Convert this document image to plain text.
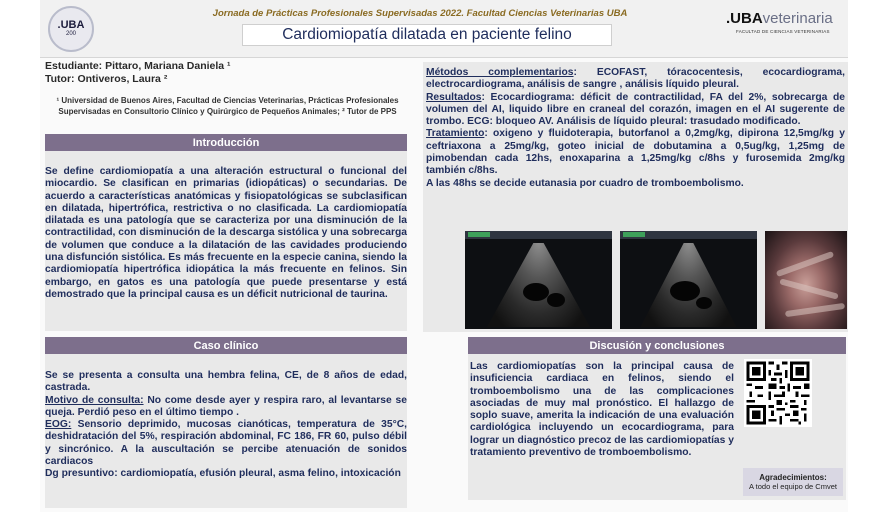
.UBA
200
Jornada de Prácticas Profesionales Supervisadas 2022. Facultad Ciencias Veterinarias UBA
Cardiomiopatía dilatada en paciente felino
.UBAveterinaria
FACULTAD DE CIENCIAS VETERINARIAS
Estudiante: Pittaro, Mariana Daniela ¹
Tutor: Ontiveros, Laura ²
¹ Universidad de Buenos Aires, Facultad de Ciencias Veterinarias, Prácticas Profesionales Supervisadas en Consultorio Clínico y Quirúrgico de Pequeños Animales; ² Tutor de PPS
Introducción
Se define cardiomiopatía a una alteración estructural o funcional del miocardio. Se clasifican en primarias (idiopáticas) o secundarias. De acuerdo a características anatómicas y fisiopatológicas se subclasifican en dilatada, hipertrófica, restrictiva o no clasificada. La cardiomiopatía dilatada es una patología que se caracteriza por una disminución de la contractilidad, con disminución de la descarga sistólica y una sobrecarga de volumen que conduce a la dilatación de las cavidades produciendo una disfunción sistólica. Es más frecuente en la especie canina, siendo la cardiomiopatía hipertrófica idiopática la más frecuente en felinos. Sin embargo, en gatos es una patología que puede presentarse y está demostrado que la principal causa es un déficit nutricional de taurina.
Caso clínico
Se se presenta a consulta una hembra felina, CE, de 8 años de edad, castrada.
Motivo de consulta: No come desde ayer y respira raro, al levantarse se queja. Perdió peso en el último tiempo .
EOG: Sensorio deprimido, mucosas cianóticas, temperatura de 35°C, deshidratación del 5%, respiración abdominal, FC 186, FR 60, pulso débil y sincrónico. A la auscultación se percibe atenuación de sonidos cardiacos
Dg presuntivo: cardiomiopatía, efusión pleural, asma felino, intoxicación
Métodos complementarios: ECOFAST, tóracocentesis, ecocardiograma, electrocardiograma, análisis de sangre , análisis líquido pleural.
Resultados: Ecocardiograma: déficit de contractilidad, FA del 2%, sobrecarga de volumen del AI, liquido libre en craneal del corazón, imagen en el AI sugerente de trombo. ECG: bloqueo AV. Análisis de líquido pleural: trasudado modificado.
Tratamiento: oxigeno y fluidoterapia, butorfanol a 0,2mg/kg, dipirona 12,5mg/kg y ceftriaxona a 25mg/kg, goteo inicial de dobutamina a 0,5ug/kg, 1,25mg de pimobendan cada 12hs, enoxaparina a 1,25mg/kg c/8hs y furosemida 2mg/kg también c/8hs.
A las 48hs se decide eutanasia por cuadro de tromboembolismo.
Discusión y conclusiones
Las cardiomiopatías son la principal causa de insuficiencia cardiaca en felinos, siendo el tromboembolismo una de las complicaciones asociadas de muy mal pronóstico. El hallazgo de soplo suave, amerita la indicación de una evaluación cardiológica incluyendo un ecocardiograma, para lograr un diagnóstico precoz de las cardiomiopatías y tratamiento preventivo de tromboembolismo.
Agradecimientos:
A todo el equipo de Cmvet
